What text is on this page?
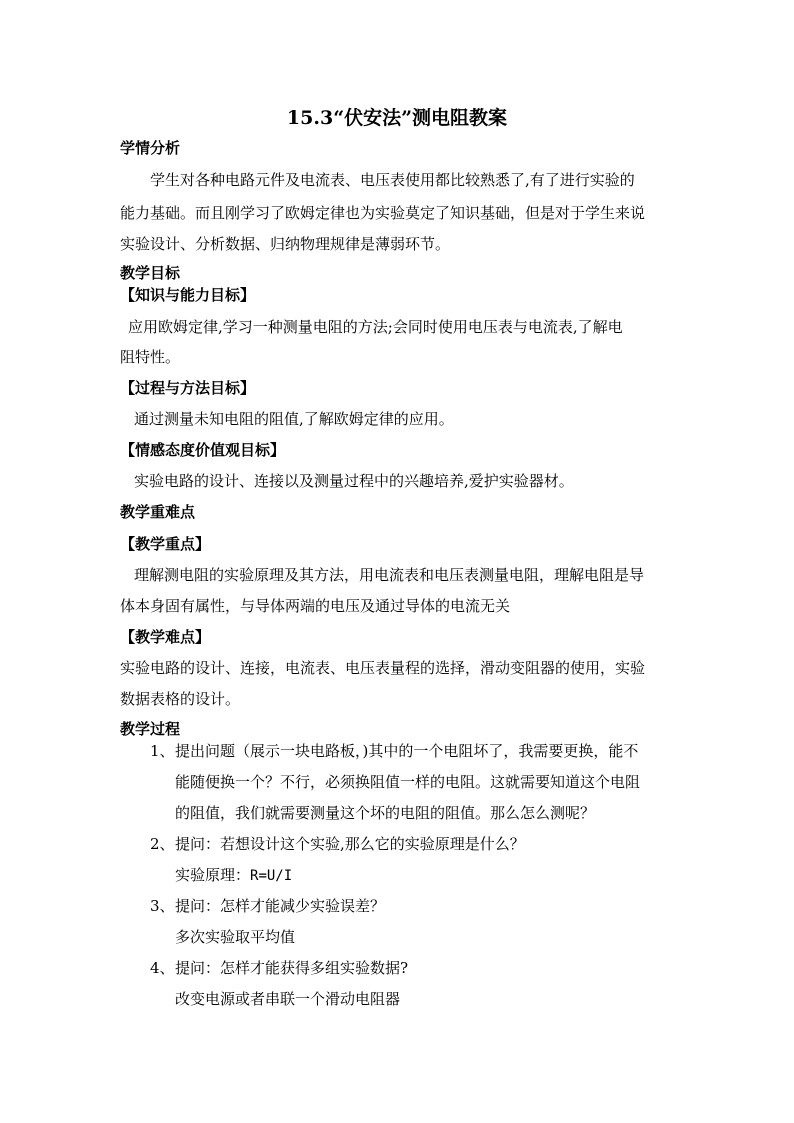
15.3“伏安法”测电阻教案
学情分析
学生对各种电路元件及电流表、电压表使用都比较熟悉了,有了进行实验的
能力基础。而且刚学习了欧姆定律也为实验莫定了知识基础，但是对于学生来说
实验设计、分析数据、归纳物理规律是薄弱环节。
教学目标
【知识与能力目标】
应用欧姆定律,学习一种测量电阻的方法;会同时使用电压表与电流表,了解电
阻特性。
【过程与方法目标】
通过测量未知电阻的阻值,了解欧姆定律的应用。
【情感态度价值观目标】
实验电路的设计、连接以及测量过程中的兴趣培养,爱护实验器材。
教学重难点
【教学重点】
理解测电阻的实验原理及其方法，用电流表和电压表测量电阻，理解电阻是导
体本身固有属性，与导体两端的电压及通过导体的电流无关
【教学难点】
实验电路的设计、连接，电流表、电压表量程的选择，滑动变阻器的使用，实验
数据表格的设计。
教学过程
1、 提出问题（展示一块电路板，)其中的一个电阻坏了，我需要更换，能不
能随便换一个？不行，必须换阻值一样的电阻。这就需要知道这个电阻
的阻值，我们就需要测量这个坏的电阻的阻值。那么怎么测呢？
2、 提问：若想设计这个实验,那么它的实验原理是什么？
实验原理：R=U/I
3、 提问：怎样才能减少实验误差？
多次实验取平均值
4、 提问：怎样才能获得多组实验数据?
改变电源或者串联一个滑动电阻器
